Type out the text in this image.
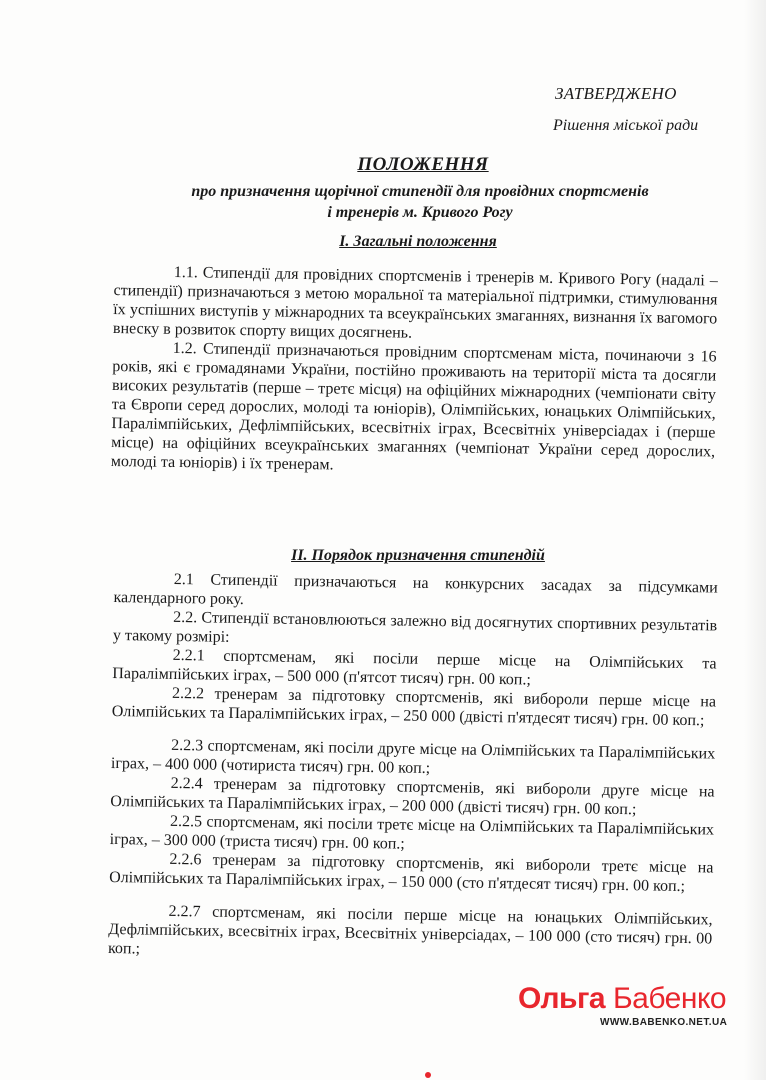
ЗАТВЕРДЖЕНО
Рішення міської ради
ПОЛОЖЕННЯ
про призначення щорічної стипендії для провідних спортсменів
і тренерів м. Кривого Рогу
І. Загальні положення

1.1. Стипендії для провідних спортсменів і тренерів м. Кривого Рогу (надалі – стипендії) призначаються з метою моральної та матеріальної підтримки, стимулювання їх успішних виступів у міжнародних та всеукраїнських змаганнях, визнання їх вагомого внеску в розвиток спорту вищих досягнень.

1.2. Стипендії призначаються провідним спортсменам міста, починаючи з 16 років, які є громадянами України, постійно проживають на території міста та досягли високих результатів (перше – третє місця) на офіційних міжнародних (чемпіонати світу та Європи серед дорослих, молоді та юніорів), Олімпійських, юнацьких Олімпійських, Паралімпійських, Дефлімпійських, всесвітніх іграх, Всесвітніх універсіадах і (перше місце) на офіційних всеукраїнських змаганнях (чемпіонат України серед дорослих, молоді та юніорів) і їх тренерам.

ІІ. Порядок призначення стипендій

2.1 Стипендії призначаються на конкурсних засадах за підсумками календарного року.

2.2. Стипендії встановлюються залежно від досягнутих спортивних результатів у такому розмірі:

2.2.1 спортсменам, які посіли перше місце на Олімпійських та Паралімпійських іграх, – 500 000 (п'ятсот тисяч) грн. 00 коп.;

2.2.2 тренерам за підготовку спортсменів, які вибороли перше місце на Олімпійських та Паралімпійських іграх, – 250 000 (двісті п'ятдесят тисяч) грн. 00 коп.;

2.2.3 спортсменам, які посіли друге місце на Олімпійських та Паралімпійських іграх, – 400 000 (чотириста тисяч) грн. 00 коп.;

2.2.4 тренерам за підготовку спортсменів, які вибороли друге місце на Олімпійських та Паралімпійських іграх, – 200 000 (двісті тисяч) грн. 00 коп.;

2.2.5 спортсменам, які посіли третє місце на Олімпійських та Паралімпійських іграх, – 300 000 (триста тисяч) грн. 00 коп.;

2.2.6 тренерам за підготовку спортсменів, які вибороли третє місце на Олімпійських та Паралімпійських іграх, – 150 000 (сто п'ятдесят тисяч) грн. 00 коп.;

2.2.7 спортсменам, які посіли перше місце на юнацьких Олімпійських, Дефлімпійських, всесвітніх іграх, Всесвітніх універсіадах, – 100 000 (сто тисяч) грн. 00 коп.;

Ольга Бабенко
WWW.BABENKO.NET.UA
